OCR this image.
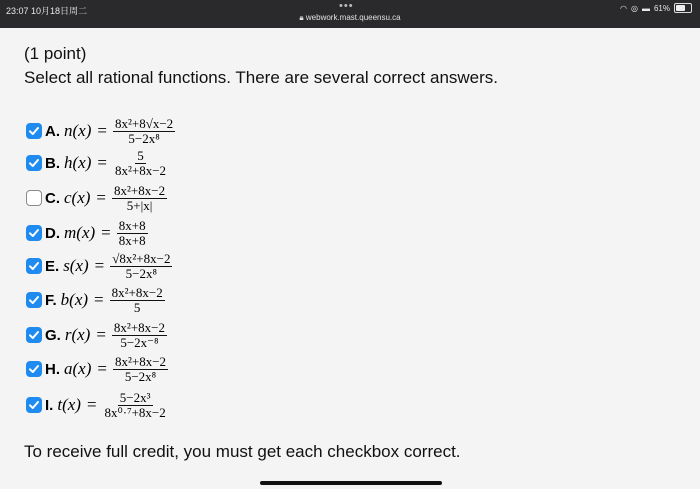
23:07 10月18日周二	•••
🔒︎ webwork.mast.queensu.ca
◠ ◎ ▬ 61%
(1 point)
Select all rational functions. There are several correct answers.
A. $n(x) = \frac{\text{8x²+8√x−2}}{\text{5−2x⁸}}$
B. $h(x) = \frac{5}{\text{8x²+8x−2}}$
C. $c(x) = \frac{\text{8x²+8x−2}}{5+|x|}$
D. $m(x) = \frac{8x+8}{8x+8}$
E. $s(x) = \frac{\text{√8x²+8x−2}}{\text{5−2x⁸}}$
F. $b(x) = \frac{\text{8x²+8x−2}}{5}$
G. $r(x) = \frac{\text{8x²+8x−2}}{\text{5−2x⁻⁸}}$
H. $a(x) = \frac{\text{8x²+8x−2}}{\text{5−2x⁸}}$
I. $t(x) = \frac{\text{5−2x³}}{\text{8x⁰·⁷+8x−2}}$
To receive full credit, you must get each checkbox correct.
